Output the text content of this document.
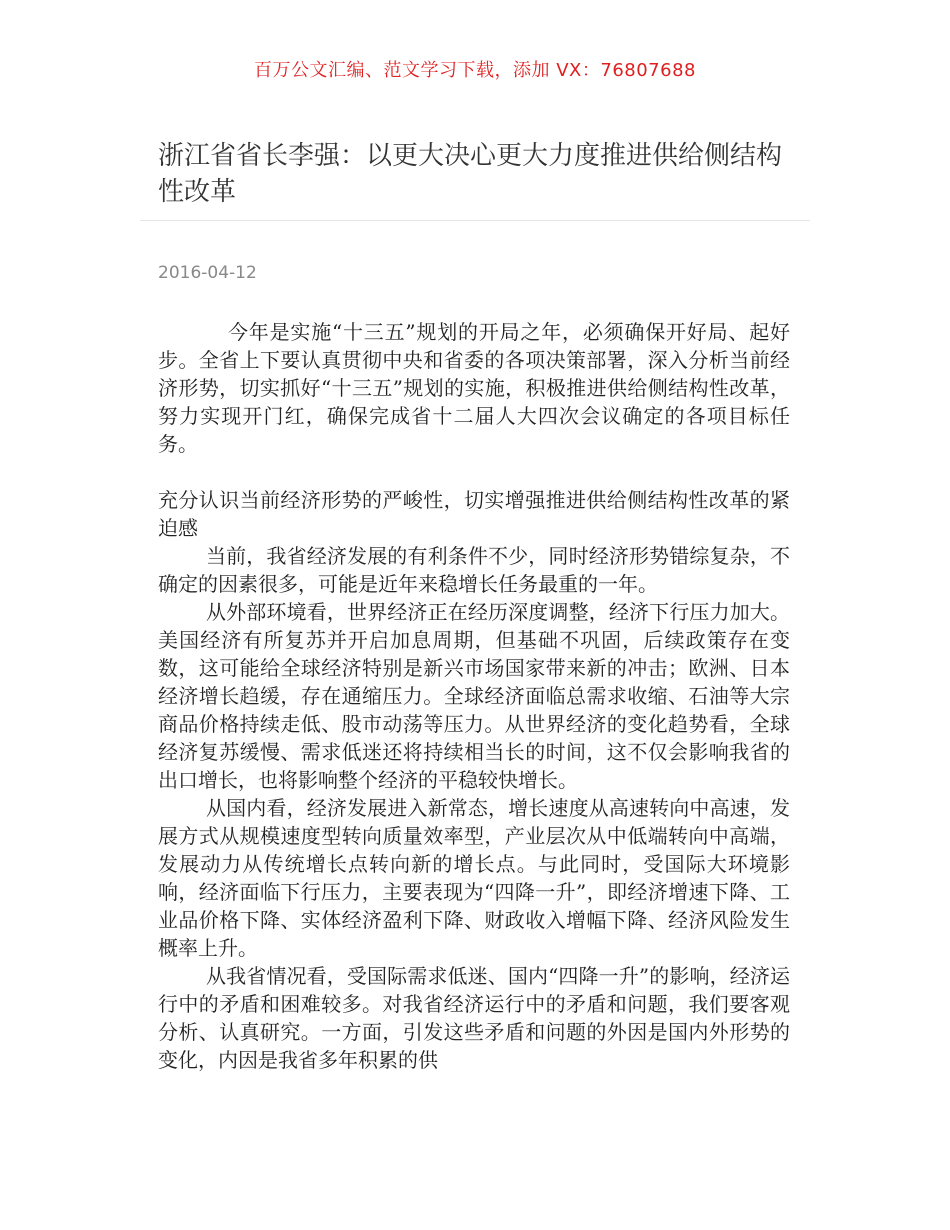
百万公文汇编、范文学习下载，添加 VX：76807688
浙江省省长李强：以更大决心更大力度推进供给侧结构性改革
2016-04-12

今年是实施“十三五”规划的开局之年，必须确保开好局、起好步。全省上下要认真贯彻中央和省委的各项决策部署，深入分析当前经济形势，切实抓好“十三五”规划的实施，积极推进供给侧结构性改革，努力实现开门红，确保完成省十二届人大四次会议确定的各项目标任务。

充分认识当前经济形势的严峻性，切实增强推进供给侧结构性改革的紧迫感

当前，我省经济发展的有利条件不少，同时经济形势错综复杂，不确定的因素很多，可能是近年来稳增长任务最重的一年。

从外部环境看，世界经济正在经历深度调整，经济下行压力加大。美国经济有所复苏并开启加息周期，但基础不巩固，后续政策存在变数，这可能给全球经济特别是新兴市场国家带来新的冲击；欧洲、日本经济增长趋缓，存在通缩压力。全球经济面临总需求收缩、石油等大宗商品价格持续走低、股市动荡等压力。从世界经济的变化趋势看，全球经济复苏缓慢、需求低迷还将持续相当长的时间，这不仅会影响我省的出口增长，也将影响整个经济的平稳较快增长。

从国内看，经济发展进入新常态，增长速度从高速转向中高速，发展方式从规模速度型转向质量效率型，产业层次从中低端转向中高端，发展动力从传统增长点转向新的增长点。与此同时，受国际大环境影响，经济面临下行压力，主要表现为“四降一升”，即经济增速下降、工业品价格下降、实体经济盈利下降、财政收入增幅下降、经济风险发生概率上升。

从我省情况看，受国际需求低迷、国内“四降一升”的影响，经济运行中的矛盾和困难较多。对我省经济运行中的矛盾和问题，我们要客观分析、认真研究。一方面，引发这些矛盾和问题的外因是国内外形势的变化，内因是我省多年积累的供
